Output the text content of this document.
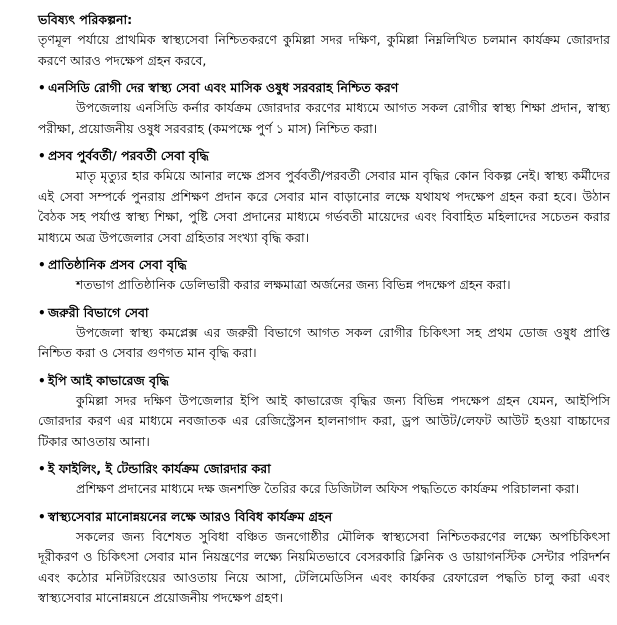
ভবিষ্যৎ পরিকল্পনা:

তৃণমূল পর্যায়ে প্রাথমিক স্বাস্থ্যসেবা নিশ্চিতকরণে কুমিল্লা সদর দক্ষিণ, কুমিল্লা নিম্নলিখিত চলমান কার্যক্রম জোরদার করণে আরও পদক্ষেপ গ্রহন করবে,

• এনসিডি রোগী দের স্বাস্থ্য সেবা এবং মাসিক ওষুধ সরবরাহ নিশ্চিত করণ

উপজেলায় এনসিডি কর্নার কার্যক্রম জোরদার করণের মাধ্যমে আগত সকল রোগীর স্বাস্থ্য শিক্ষা প্রদান, স্বাস্থ্য পরীক্ষা, প্রয়োজনীয় ওষুধ সরবরাহ (কমপক্ষে পুর্ণ ১ মাস) নিশ্চিত করা।

• প্রসব পুর্ববর্তী/ পরবর্তী সেবা বৃদ্ধি

মাতৃ মৃত্যুর হার কমিয়ে আনার লক্ষে প্রসব পুর্ববর্তী/পরবর্তী সেবার মান বৃদ্ধির কোন বিকল্প নেই। স্বাস্থ্য কর্মীদের এই সেবা সম্পর্কে পুনরায় প্রশিক্ষণ প্রদান করে সেবার মান বাড়ানোর লক্ষে যথাযথ পদক্ষেপ গ্রহন করা হবে। উঠান বৈঠক সহ পর্যাপ্ত স্বাস্থ্য শিক্ষা, পুষ্টি সেবা প্রদানের মাধ্যমে গর্ভবতী মায়েদের এবং বিবাহিত মহিলাদের সচেতন করার মাধ্যমে অত্র উপজেলার সেবা গ্রহিতার সংখ্যা বৃদ্ধি করা।

• প্রাতিষ্ঠানিক প্রসব সেবা বৃদ্ধি

শতভাগ প্রাতিষ্ঠানিক ডেলিভারী করার লক্ষমাত্রা অর্জনের জন্য বিভিন্ন পদক্ষেপ গ্রহন করা।

• জরুরী বিভাগে সেবা

উপজেলা স্বাস্থ্য কমপ্লেক্স এর জরুরী বিভাগে আগত সকল রোগীর চিকিৎসা সহ প্রথম ডোজ ওষুধ প্রাপ্তি নিশ্চিত করা ও সেবার গুণগত মান বৃদ্ধি করা।

• ইপি আই কাভারেজ বৃদ্ধি

কুমিল্লা সদর দক্ষিণ উপজেলার ইপি আই কাভারেজ বৃদ্ধির জন্য বিভিন্ন পদক্ষেপ গ্রহন যেমন, আইপিসি জোরদার করণ এর মাধ্যমে নবজাতক এর রেজিস্ট্রেসন হালনাগাদ করা, ড্রপ আউট/লেফট আউট হওয়া বাচ্চাদের টিকার আওতায় আনা।

• ই ফাইলিং, ই টেন্ডারিং কার্যক্রম জোরদার করা

প্রশিক্ষণ প্রদানের মাধ্যমে দক্ষ জনশক্তি তৈরির করে ডিজিটাল অফিস পদ্ধতিতে কার্যক্রম পরিচালনা করা।

• স্বাস্থ্যসেবার মানোন্নয়নের লক্ষে আরও বিবিধ কার্যক্রম গ্রহন

সকলের জন্য বিশেষত সুবিধা বঞ্চিত জনগোষ্ঠীর মৌলিক স্বাস্থ্যসেবা নিশ্চিতকরণের লক্ষ্যে অপচিকিৎসা দূরীকরণ ও চিকিৎসা সেবার মান নিয়ন্ত্রণের লক্ষ্যে নিয়মিতভাবে বেসরকারি ক্লিনিক ও ডায়াগনস্টিক সেন্টার পরিদর্শন এবং কঠোর মনিটরিংয়ের আওতায় নিয়ে আসা, টেলিমেডিসিন এবং কার্যকর রেফারেল পদ্ধতি চালু করা এবং স্বাস্থ্যসেবার মানোন্নয়নে প্রয়োজনীয় পদক্ষেপ গ্রহণ।
